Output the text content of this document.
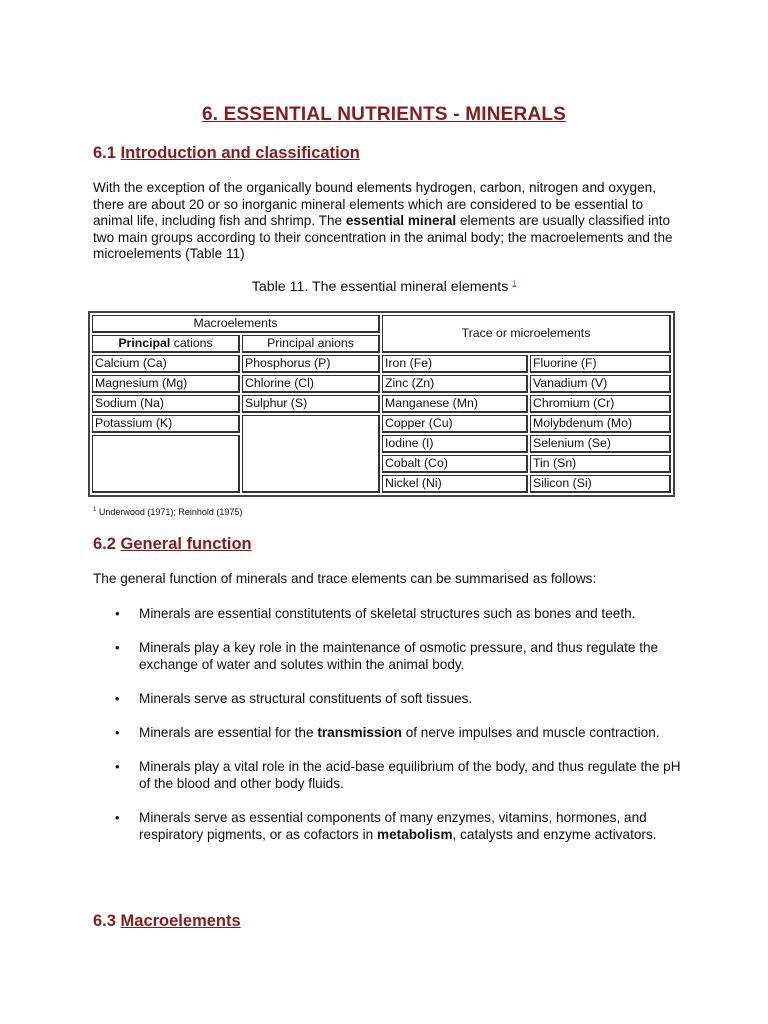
6. ESSENTIAL NUTRIENTS - MINERALS
6.1 Introduction and classification
With the exception of the organically bound elements hydrogen, carbon, nitrogen and oxygen, there are about 20 or so inorganic mineral elements which are considered to be essential to animal life, including fish and shrimp. The essential mineral elements are usually classified into two main groups according to their concentration in the animal body; the macroelements and the microelements (Table 11)
Table 11. The essential mineral elements $^1$
Macroelements		Trace or microelements	
Principal cations	Principal anions		
Calcium (Ca)	Phosphorus (P)	Iron (Fe)	Fluorine (F)
Magnesium (Mg)	Chlorine (Cl)	Zinc (Zn)	Vanadium (V)
Sodium (Na)	Sulphur (S)	Manganese (Mn)	Chromium (Cr)
Potassium (K)		Copper (Cu)	Molybdenum (Mo)
		Iodine (I)	Selenium (Se)
		Cobalt (Co)	Tin (Sn)
		Nickel (Ni)	Silicon (Si)
$^1$ Underwood (1971); Reinhold (1975)
6.2 General function
The general function of minerals and trace elements can be summarised as follows:
• Minerals are essential constitutents of skeletal structures such as bones and teeth.
• Minerals play a key role in the maintenance of osmotic pressure, and thus regulate the exchange of water and solutes within the animal body.
• Minerals serve as structural constituents of soft tissues.
• Minerals are essential for the transmission of nerve impulses and muscle contraction.
• Minerals play a vital role in the acid-base equilibrium of the body, and thus regulate the pH of the blood and other body fluids.
• Minerals serve as essential components of many enzymes, vitamins, hormones, and respiratory pigments, or as cofactors in metabolism, catalysts and enzyme activators.
6.3 Macroelements
